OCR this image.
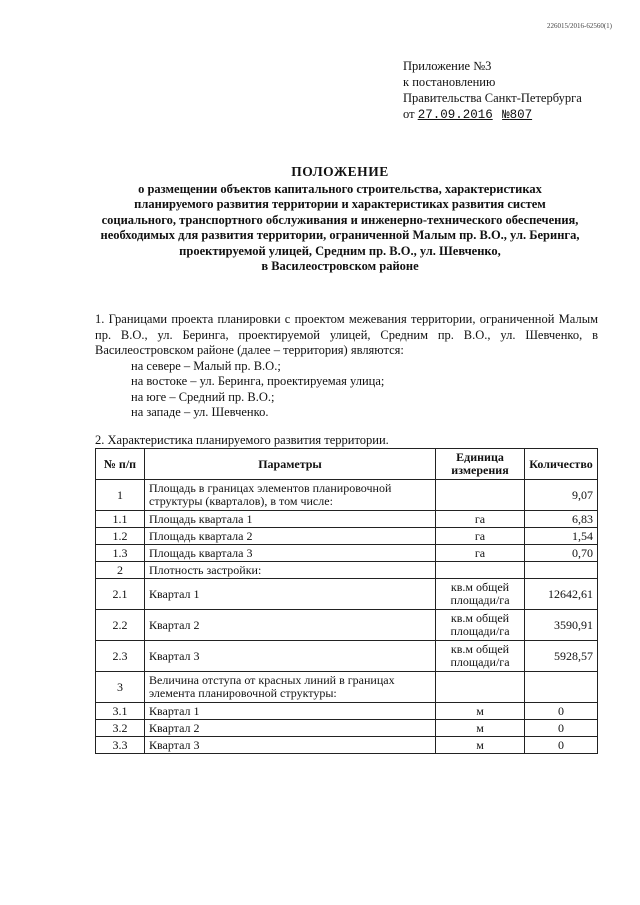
226015/2016-62560(1)
Приложение №3
к постановлению
Правительства Санкт-Петербурга
от 27.09.2016 №807
ПОЛОЖЕНИЕ
о размещении объектов капитального строительства, характеристиках
планируемого развития территории и характеристиках развития систем
социального, транспортного обслуживания и инженерно-технического обеспечения,
необходимых для развития территории, ограниченной Малым пр. В.О., ул. Беринга,
проектируемой улицей, Средним пр. В.О., ул. Шевченко,
в Василеостровском районе
1. Границами проекта планировки с проектом межевания территории, ограниченной Малым пр. В.О., ул. Беринга, проектируемой улицей, Средним пр. В.О., ул. Шевченко, в Василеостровском районе (далее – территория) являются:
на севере – Малый пр. В.О.;
на востоке – ул. Беринга, проектируемая улица;
на юге – Средний пр. В.О.;
на западе – ул. Шевченко.
2. Характеристика планируемого развития территории.
№ п/п	Параметры	Единица измерения	Количество
1	Площадь в границах элементов планировочной структуры (кварталов), в том числе:		9,07
1.1	Площадь квартала 1	га	6,83
1.2	Площадь квартала 2	га	1,54
1.3	Площадь квартала 3	га	0,70
2	Плотность застройки:		
2.1	Квартал 1	кв.м общей площади/га	12642,61
2.2	Квартал 2	кв.м общей площади/га	3590,91
2.3	Квартал 3	кв.м общей площади/га	5928,57
3	Величина отступа от красных линий в границах элемента планировочной структуры:		
3.1	Квартал 1	м	0
3.2	Квартал 2	м	0
3.3	Квартал 3	м	0
